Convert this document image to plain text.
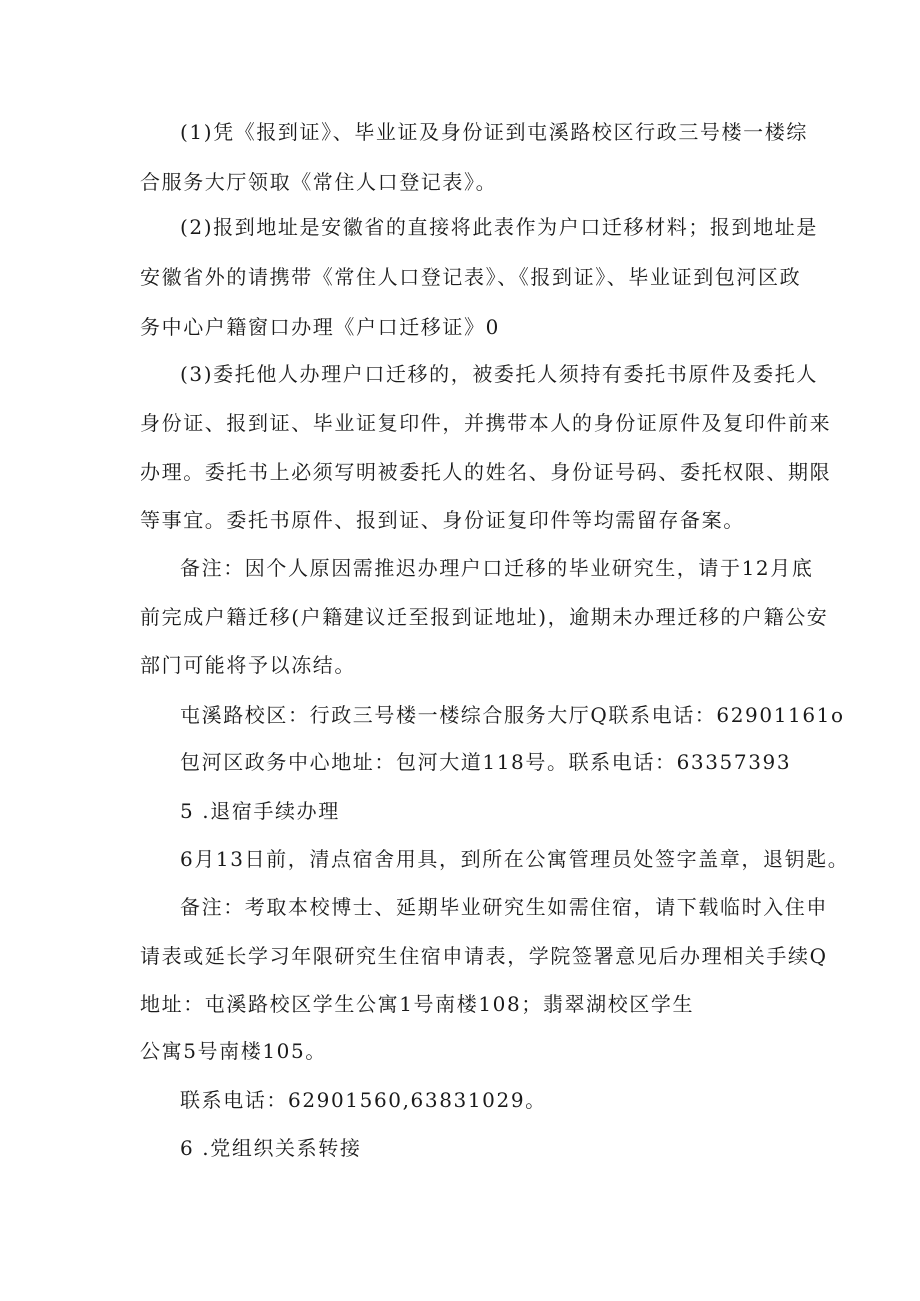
(1)凭《报到证》、毕业证及身份证到屯溪路校区行政三号楼一楼综
合服务大厅领取《常住人口登记表》。
(2)报到地址是安徽省的直接将此表作为户口迁移材料；报到地址是
安徽省外的请携带《常住人口登记表》、《报到证》、毕业证到包河区政
务中心户籍窗口办理《户口迁移证》0
(3)委托他人办理户口迁移的，被委托人须持有委托书原件及委托人
身份证、报到证、毕业证复印件，并携带本人的身份证原件及复印件前来
办理。委托书上必须写明被委托人的姓名、身份证号码、委托权限、期限
等事宜。委托书原件、报到证、身份证复印件等均需留存备案。
备注：因个人原因需推迟办理户口迁移的毕业研究生，请于12月底
前完成户籍迁移(户籍建议迁至报到证地址)，逾期未办理迁移的户籍公安
部门可能将予以冻结。
屯溪路校区：行政三号楼一楼综合服务大厅Q联系电话：62901161o
包河区政务中心地址：包河大道118号。联系电话：63357393
5 .退宿手续办理
6月13日前，清点宿舍用具，到所在公寓管理员处签字盖章，退钥匙。
备注：考取本校博士、延期毕业研究生如需住宿，请下载临时入住申
请表或延长学习年限研究生住宿申请表，学院签署意见后办理相关手续Q
地址：屯溪路校区学生公寓1号南楼108；翡翠湖校区学生
公寓5号南楼105。
联系电话：62901560,63831029。
6 .党组织关系转接
